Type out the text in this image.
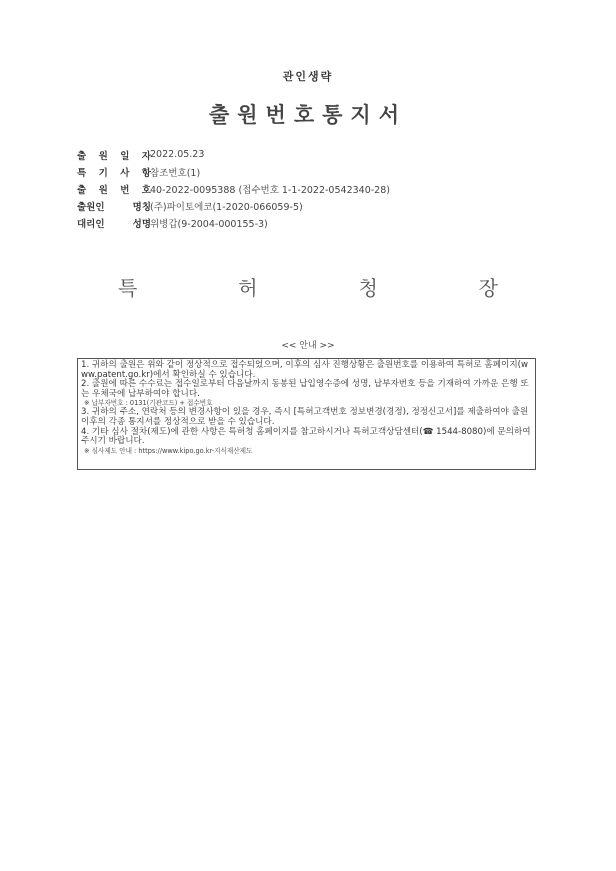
관인생략
출원번호통지서
출 원 일 자 2022.05.23
특 기 사 항 참조번호(1)
출 원 번 호 40-2022-0095388 (접수번호 1-1-2022-0542340-28)
출원인	명칭 (주)파이토에코(1-2020-066059-5)
대리인	성명 위병갑(9-2004-000155-3)
특	허	청	장
<< 안내 >>

1. 귀하의 출원은 위와 같이 정상적으로 접수되었으며, 이후의 심사 진행상황은 출원번호를 이용하여 특허로 홈페이지(www.patent.go.kr)에서 확인하실 수 있습니다.

2. 출원에 따른 수수료는 접수일로부터 다음날까지 동봉된 납입영수증에 성명, 납부자번호 등을 기재하여 가까운 은행 또는 우체국에 납부하여야 합니다.

※ 납부자번호 : 0131(기관코드) + 접수번호

3. 귀하의 주소, 연락처 등의 변경사항이 있을 경우, 즉시 [특허고객번호 정보변경(경정), 정정신고서]를 제출하여야 출원 이후의 각종 통지서를 정상적으로 받을 수 있습니다.

4. 기타 심사 절차(제도)에 관한 사항은 특허청 홈페이지를 참고하시거나 특허고객상담센터(☎ 1544-8080)에 문의하여 주시기 바랍니다.

※ 심사제도 안내 : https://www.kipo.go.kr-지식재산제도
